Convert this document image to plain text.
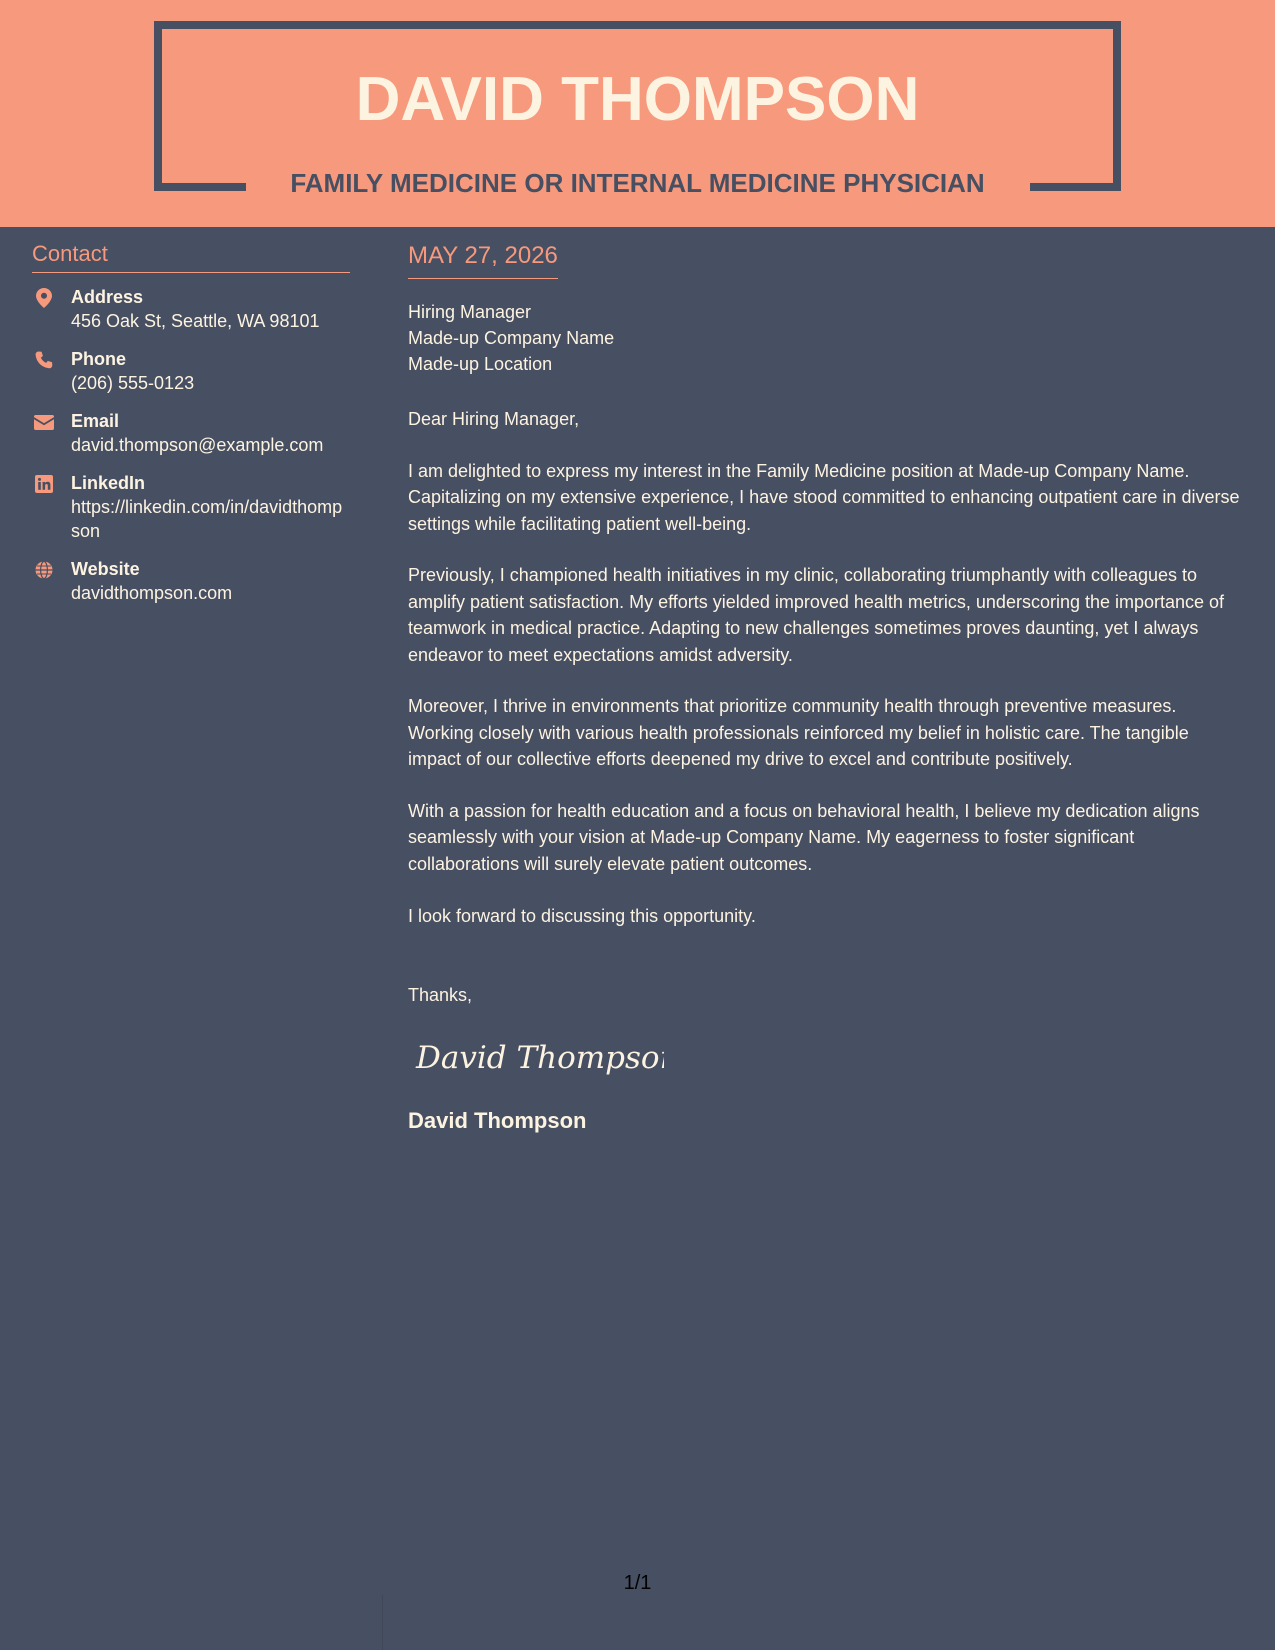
DAVID THOMPSON
FAMILY MEDICINE OR INTERNAL MEDICINE PHYSICIAN
Contact
Address
456 Oak St, Seattle, WA 98101
Phone
(206) 555-0123
Email
david.thompson@example.com
LinkedIn
https://linkedin.com/in/davidthompson
Website
davidthompson.com
MAY 27, 2026
Hiring Manager
Made-up Company Name
Made-up Location

Dear Hiring Manager,

I am delighted to express my interest in the Family Medicine position at Made-up Company Name. Capitalizing on my extensive experience, I have stood committed to enhancing outpatient care in diverse settings while facilitating patient well-being.

Previously, I championed health initiatives in my clinic, collaborating triumphantly with colleagues to amplify patient satisfaction. My efforts yielded improved health metrics, underscoring the importance of teamwork in medical practice. Adapting to new challenges sometimes proves daunting, yet I always endeavor to meet expectations amidst adversity.

Moreover, I thrive in environments that prioritize community health through preventive measures. Working closely with various health professionals reinforced my belief in holistic care. The tangible impact of our collective efforts deepened my drive to excel and contribute positively.

With a passion for health education and a focus on behavioral health, I believe my dedication aligns seamlessly with your vision at Made-up Company Name. My eagerness to foster significant collaborations will surely elevate patient outcomes.

I look forward to discussing this opportunity.

Thanks,
David Thompson
David Thompson
1/1
